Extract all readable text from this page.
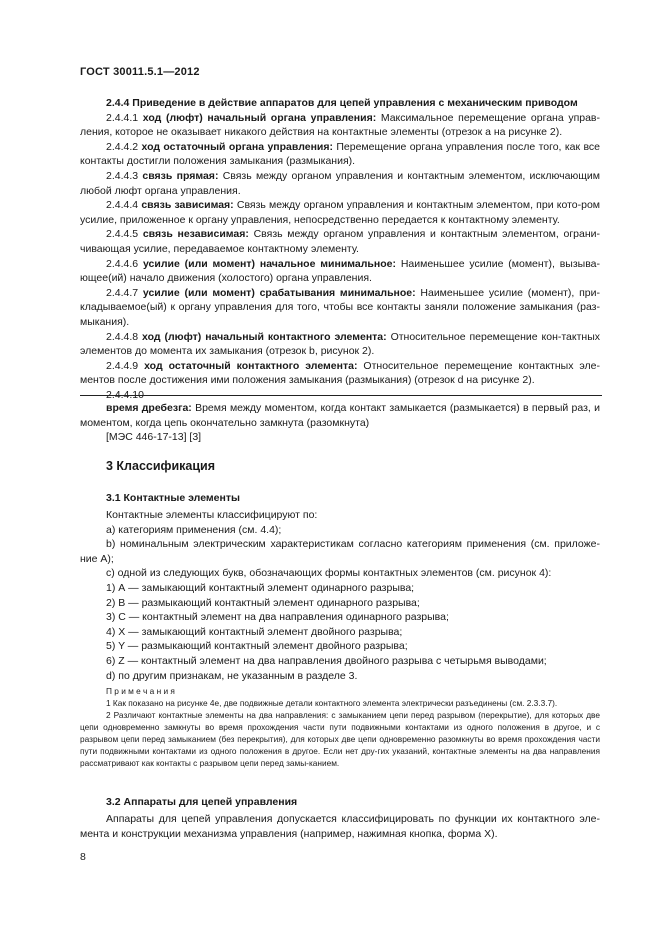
ГОСТ 30011.5.1—2012

2.4.4 Приведение в действие аппаратов для цепей управления с механическим приводом

2.4.4.1 ход (люфт) начальный органа управления: Максимальное перемещение органа управ-ления, которое не оказывает никакого действия на контактные элементы (отрезок a на рисунке 2).

2.4.4.2 ход остаточный органа управления: Перемещение органа управления после того, как все контакты достигли положения замыкания (размыкания).

2.4.4.3 связь прямая: Связь между органом управления и контактным элементом, исключающим любой люфт органа управления.

2.4.4.4 связь зависимая: Связь между органом управления и контактным элементом, при кото-ром усилие, приложенное к органу управления, непосредственно передается к контактному элементу.

2.4.4.5 связь независимая: Связь между органом управления и контактным элементом, ограни-чивающая усилие, передаваемое контактному элементу.

2.4.4.6 усилие (или момент) начальное минимальное: Наименьшее усилие (момент), вызыва-ющее(ий) начало движения (холостого) органа управления.

2.4.4.7 усилие (или момент) срабатывания минимальное: Наименьшее усилие (момент), при-кладываемое(ый) к органу управления для того, чтобы все контакты заняли положение замыкания (раз-мыкания).

2.4.4.8 ход (люфт) начальный контактного элемента: Относительное перемещение кон-тактных элементов до момента их замыкания (отрезок b, рисунок 2).

2.4.4.9 ход остаточный контактного элемента: Относительное перемещение контактных эле-ментов после достижения ими положения замыкания (размыкания) (отрезок d на рисунке 2).

2.4.4.10

время дребезга: Время между моментом, когда контакт замыкается (размыкается) в первый раз, и моментом, когда цепь окончательно замкнута (разомкнута)

[МЭС 446-17-13] [3]

3 Классификация
3.1 Контактные элементы

Контактные элементы классифицируют по:

а) категориям применения (см. 4.4);

b) номинальным электрическим характеристикам согласно категориям применения (см. приложе-ние А);

с) одной из следующих букв, обозначающих формы контактных элементов (см. рисунок 4):

1) А — замыкающий контактный элемент одинарного разрыва;

2) В — размыкающий контактный элемент одинарного разрыва;

3) С — контактный элемент на два направления одинарного разрыва;

4) Х — замыкающий контактный элемент двойного разрыва;

5) Y — размыкающий контактный элемент двойного разрыва;

6) Z — контактный элемент на два направления двойного разрыва с четырьмя выводами;

d) по другим признакам, не указанным в разделе 3.

П р и м е ч а н и я

1 Как показано на рисунке 4е, две подвижные детали контактного элемента электрически разъединены (см. 2.3.3.7).

2 Различают контактные элементы на два направления: с замыканием цепи перед разрывом (перекрытие), для которых две цепи одновременно замкнуты во время прохождения части пути подвижными контактами из одного положения в другое, и с разрывом цепи перед замыканием (без перекрытия), для которых две цепи одновременно разомкнуты во время прохождения части пути подвижными контактами из одного положения в другое. Если нет дру-гих указаний, контактные элементы на два направления рассматривают как контакты с разрывом цепи перед замы-канием.

3.2 Аппараты для цепей управления

Аппараты для цепей управления допускается классифицировать по функции их контактного эле-мента и конструкции механизма управления (например, нажимная кнопка, форма Х).

8
